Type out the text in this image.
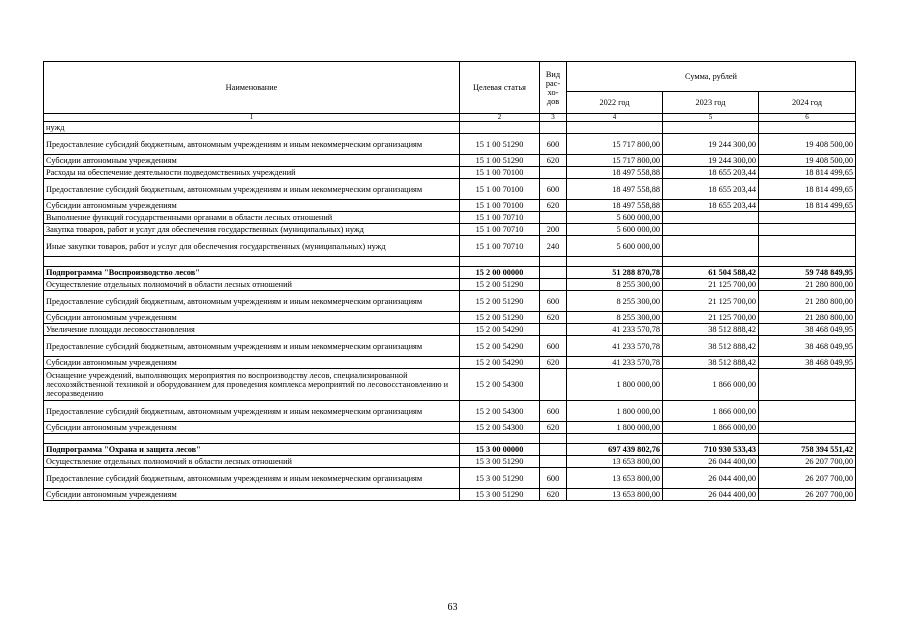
Наименование	Целевая статья	Вид рас-хо-дов	Сумма, рублей		
			2022 год	2023 год	2024 год
1	2	3	4	5	6
нужд					
Предоставление субсидий бюджетным, автономным учреждениям и иным некоммерческим организациям	15 1 00 51290	600	15 717 800,00	19 244 300,00	19 408 500,00
Субсидии автономным учреждениям	15 1 00 51290	620	15 717 800,00	19 244 300,00	19 408 500,00
Расходы на обеспечение деятельности подведомственных учреждений	15 1 00 70100		18 497 558,88	18 655 203,44	18 814 499,65
Предоставление субсидий бюджетным, автономным учреждениям и иным некоммерческим организациям	15 1 00 70100	600	18 497 558,88	18 655 203,44	18 814 499,65
Субсидии автономным учреждениям	15 1 00 70100	620	18 497 558,88	18 655 203,44	18 814 499,65
Выполнение функций государственными органами в области лесных отношений	15 1 00 70710		5 600 000,00		
Закупка товаров, работ и услуг для обеспечения государственных (муниципальных) нужд	15 1 00 70710	200	5 600 000,00		
Иные закупки товаров, работ и услуг для обеспечения государственных (муниципальных) нужд	15 1 00 70710	240	5 600 000,00		

Подпрограмма "Воспроизводство лесов"	15 2 00 00000		51 288 870,78	61 504 588,42	59 748 849,95
Осуществление отдельных полномочий в области лесных отношений	15 2 00 51290		8 255 300,00	21 125 700,00	21 280 800,00
Предоставление субсидий бюджетным, автономным учреждениям и иным некоммерческим организациям	15 2 00 51290	600	8 255 300,00	21 125 700,00	21 280 800,00
Субсидии автономным учреждениям	15 2 00 51290	620	8 255 300,00	21 125 700,00	21 280 800,00
Увеличение площади лесовосстановления	15 2 00 54290		41 233 570,78	38 512 888,42	38 468 049,95
Предоставление субсидий бюджетным, автономным учреждениям и иным некоммерческим организациям	15 2 00 54290	600	41 233 570,78	38 512 888,42	38 468 049,95
Субсидии автономным учреждениям	15 2 00 54290	620	41 233 570,78	38 512 888,42	38 468 049,95
Оснащение учреждений, выполняющих мероприятия по воспроизводству лесов, специализированной лесохозяйственной техникой и оборудованием для проведения комплекса мероприятий по лесовосстановлению и лесоразведению	15 2 00 54300		1 800 000,00	1 866 000,00	
Предоставление субсидий бюджетным, автономным учреждениям и иным некоммерческим организациям	15 2 00 54300	600	1 800 000,00	1 866 000,00	
Субсидии автономным учреждениям	15 2 00 54300	620	1 800 000,00	1 866 000,00	

Подпрограмма "Охрана и защита лесов"	15 3 00 00000		697 439 802,76	710 930 533,43	758 394 551,42
Осуществление отдельных полномочий в области лесных отношений	15 3 00 51290		13 653 800,00	26 044 400,00	26 207 700,00
Предоставление субсидий бюджетным, автономным учреждениям и иным некоммерческим организациям	15 3 00 51290	600	13 653 800,00	26 044 400,00	26 207 700,00
Субсидии автономным учреждениям	15 3 00 51290	620	13 653 800,00	26 044 400,00	26 207 700,00
63
